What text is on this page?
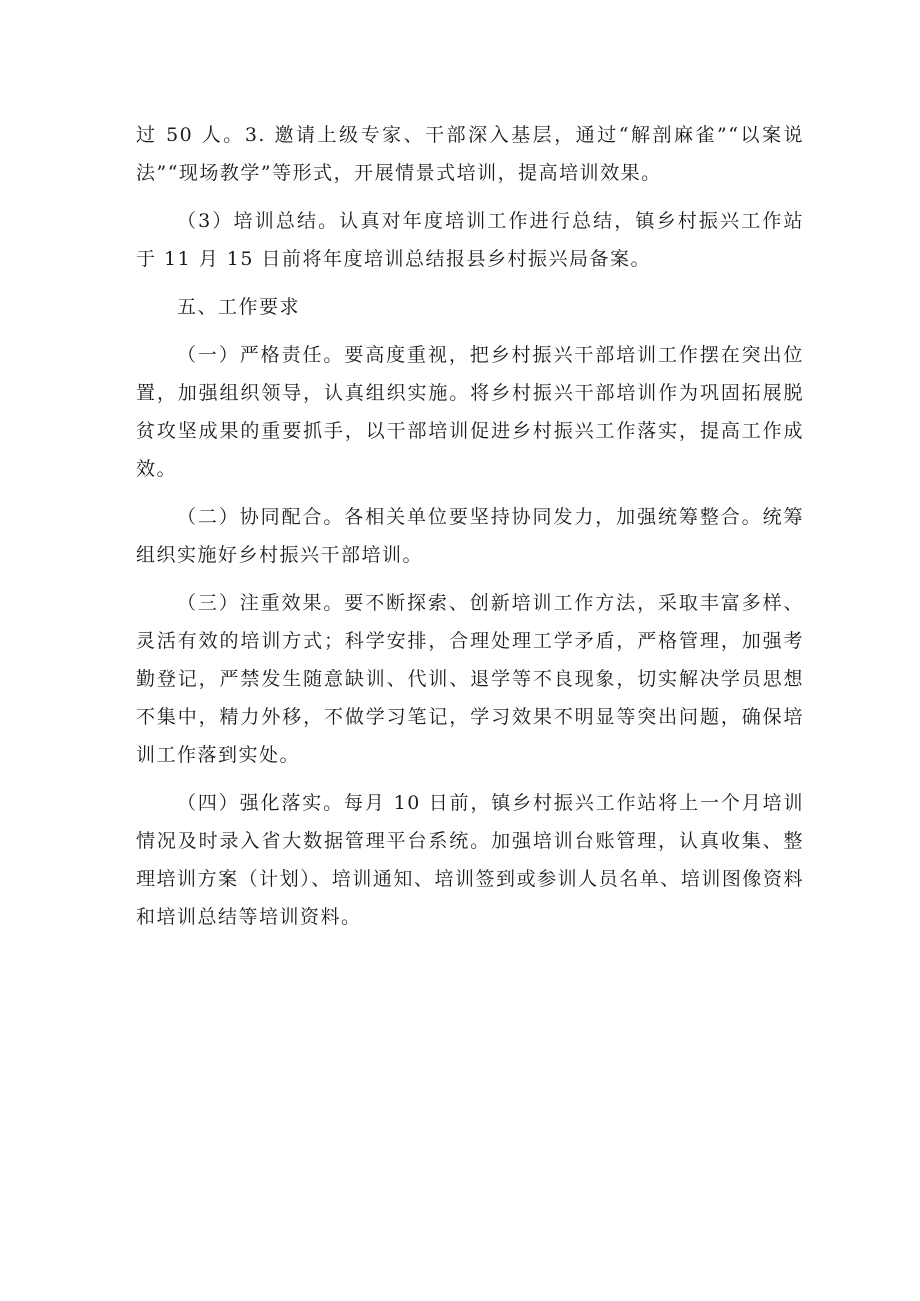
过 50 人。3. 邀请上级专家、干部深入基层，通过“解剖麻雀”“以案说法”“现场教学”等形式，开展情景式培训，提高培训效果。

（3）培训总结。认真对年度培训工作进行总结，镇乡村振兴工作站于 11 月 15 日前将年度培训总结报县乡村振兴局备案。

五、工作要求

（一）严格责任。要高度重视，把乡村振兴干部培训工作摆在突出位置，加强组织领导，认真组织实施。将乡村振兴干部培训作为巩固拓展脱贫攻坚成果的重要抓手，以干部培训促进乡村振兴工作落实，提高工作成效。

（二）协同配合。各相关单位要坚持协同发力，加强统筹整合。统筹组织实施好乡村振兴干部培训。

（三）注重效果。要不断探索、创新培训工作方法，采取丰富多样、灵活有效的培训方式；科学安排，合理处理工学矛盾，严格管理，加强考勤登记，严禁发生随意缺训、代训、退学等不良现象，切实解决学员思想不集中，精力外移，不做学习笔记，学习效果不明显等突出问题，确保培训工作落到实处。

（四）强化落实。每月 10 日前，镇乡村振兴工作站将上一个月培训情况及时录入省大数据管理平台系统。加强培训台账管理，认真收集、整理培训方案（计划）、培训通知、培训签到或参训人员名单、培训图像资料和培训总结等培训资料。
